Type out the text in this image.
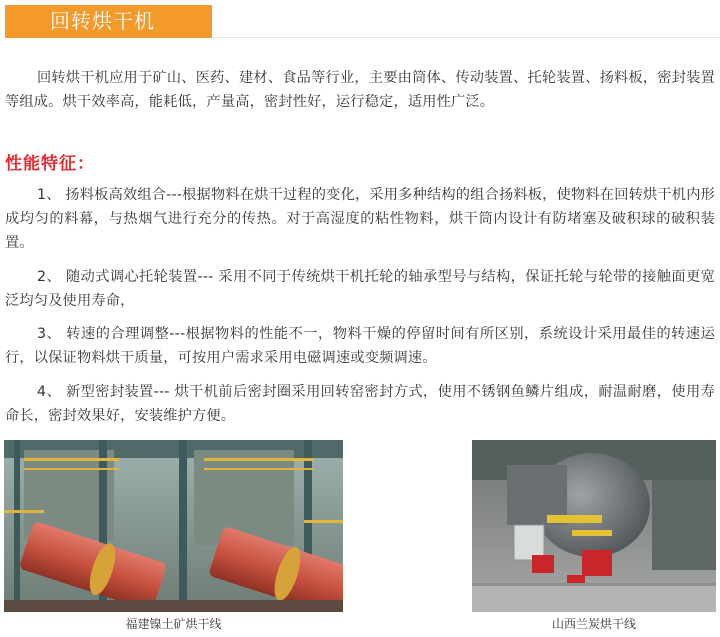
回转烘干机

回转烘干机应用于矿山、医药、建材、食品等行业，主要由筒体、传动装置、托轮装置、扬料板，密封装置等组成。烘干效率高，能耗低，产量高，密封性好，运行稳定，适用性广泛。

性能特征：

1、 扬料板高效组合---根据物料在烘干过程的变化，采用多种结构的组合扬料板，使物料在回转烘干机内形成均匀的料幕，与热烟气进行充分的传热。对于高湿度的粘性物料，烘干筒内设计有防堵塞及破积球的破积装置。

2、 随动式调心托轮装置--- 采用不同于传统烘干机托轮的轴承型号与结构，保证托轮与轮带的接触面更宽泛均匀及使用寿命，

3、 转速的合理调整---根据物料的性能不一，物料干燥的停留时间有所区别，系统设计采用最佳的转速运行，以保证物料烘干质量，可按用户需求采用电磁调速或变频调速。

4、 新型密封装置--- 烘干机前后密封圈采用回转窑密封方式，使用不锈钢鱼鳞片组成，耐温耐磨，使用寿命长，密封效果好，安装维护方便。

福建镍土矿烘干线	山西兰炭烘干线
